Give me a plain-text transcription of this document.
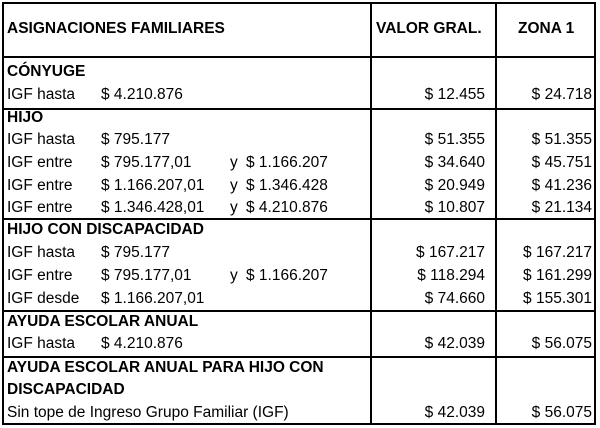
ASIGNACIONES FAMILIARES	VALOR GRAL. ZONA 1
CÓNYUGE
IGF hasta $ 4.210.876	$ 12.455	$ 24.718
HIJO
IGF hasta $ 795.177	$ 51.355	$ 51.355
IGF entre $ 795.177,01 y $ 1.166.207	$ 34.640	$ 45.751
IGF entre $ 1.166.207,01 y $ 1.346.428	$ 20.949	$ 41.236
IGF entre $ 1.346.428,01 y $ 4.210.876	$ 10.807	$ 21.134
HIJO CON DISCAPACIDAD
IGF hasta $ 795.177	$ 167.217 $ 167.217
IGF entre $ 795.177,01 y $ 1.166.207	$ 118.294 $ 161.299
IGF desde $ 1.166.207,01	$ 74.660 $ 155.301
AYUDA ESCOLAR ANUAL
IGF hasta $ 4.210.876	$ 42.039	$ 56.075
AYUDA ESCOLAR ANUAL PARA HIJO CON
DISCAPACIDAD
Sin tope de Ingreso Grupo Familiar (IGF)	$ 42.039	$ 56.075
